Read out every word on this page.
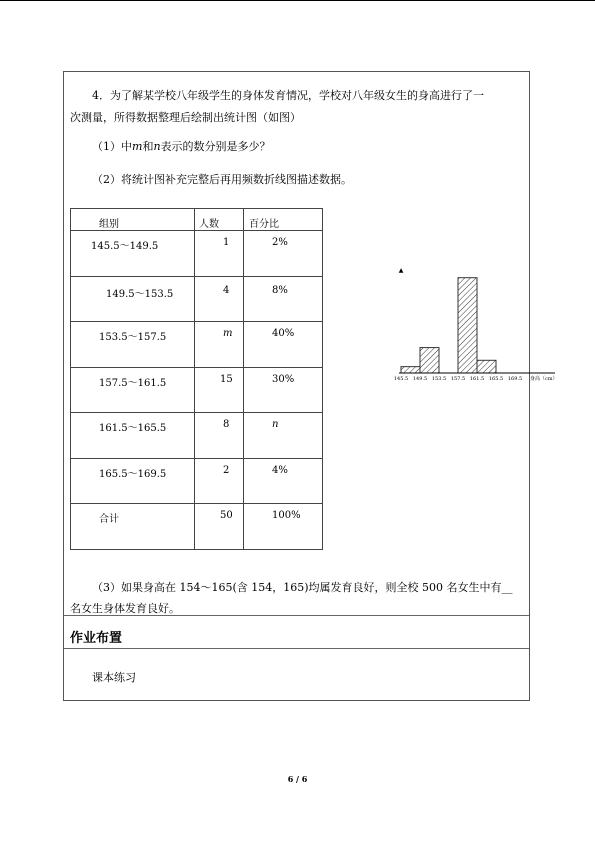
4．为了解某学校八年级学生的身体发育情况，学校对八年级女生的身高进行了一
次测量，所得数据整理后绘制出统计图（如图）
（1）中m和n表示的数分别是多少？
（2）将统计图补充完整后再用频数折线图描述数据。
组别	人数	百分比

145.5～149.5	1	2%

149.5～153.5	4	8%

153.5～157.5	m	40%

157.5～161.5	15	30%

161.5～165.5	8	n

165.5～169.5	2	4%

合计	50	100%
▲
145.5 149.5 153.5 157.5 161.5 165.5 169.5 身高（cm）
（3）如果身高在 154～165(含 154，165)均属发育良好，则全校 500 名女生中有__
名女生身体发育良好。
作业布置
课本练习
6 / 6
